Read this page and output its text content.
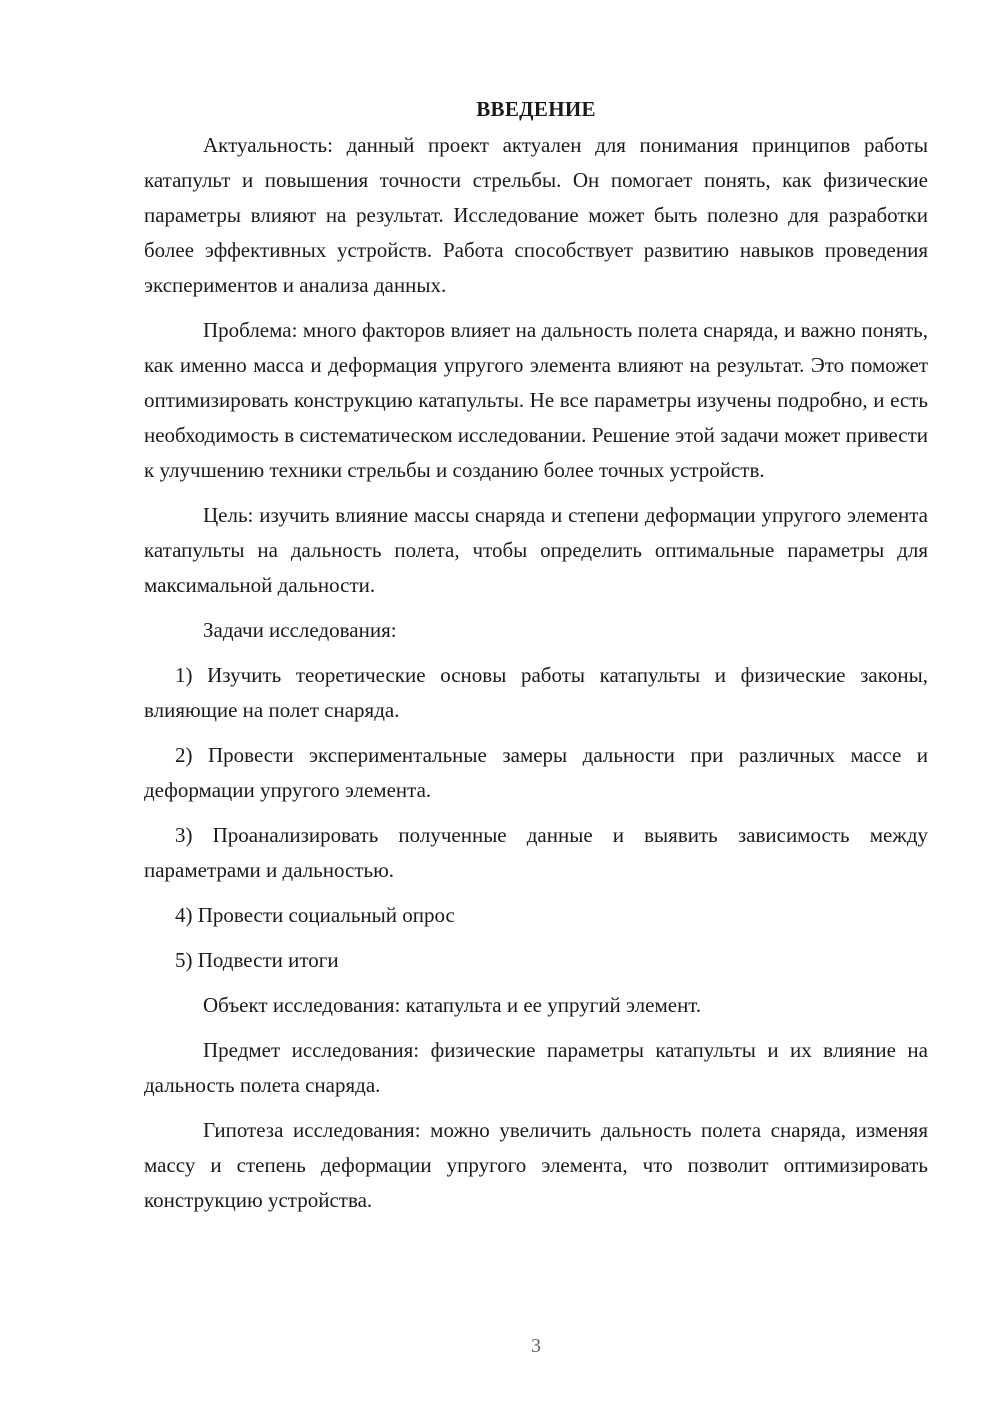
ВВЕДЕНИЕ

Актуальность: данный проект актуален для понимания принципов работы катапульт и повышения точности стрельбы. Он помогает понять, как физические параметры влияют на результат. Исследование может быть полезно для разработки более эффективных устройств. Работа способствует развитию навыков проведения экспериментов и анализа данных.

Проблема: много факторов влияет на дальность полета снаряда, и важно понять, как именно масса и деформация упругого элемента влияют на результат. Это поможет оптимизировать конструкцию катапульты. Не все параметры изучены подробно, и есть необходимость в систематическом исследовании. Решение этой задачи может привести к улучшению техники стрельбы и созданию более точных устройств.

Цель: изучить влияние массы снаряда и степени деформации упругого элемента катапульты на дальность полета, чтобы определить оптимальные параметры для максимальной дальности.

Задачи исследования:

1) Изучить теоретические основы работы катапульты и физические законы, влияющие на полет снаряда.

2) Провести экспериментальные замеры дальности при различных массе и деформации упругого элемента.

3) Проанализировать полученные данные и выявить зависимость между параметрами и дальностью.

4) Провести социальный опрос

5) Подвести итоги

Объект исследования: катапульта и ее упругий элемент.

Предмет исследования: физические параметры катапульты и их влияние на дальность полета снаряда.

Гипотеза исследования: можно увеличить дальность полета снаряда, изменяя массу и степень деформации упругого элемента, что позволит оптимизировать конструкцию устройства.

3
